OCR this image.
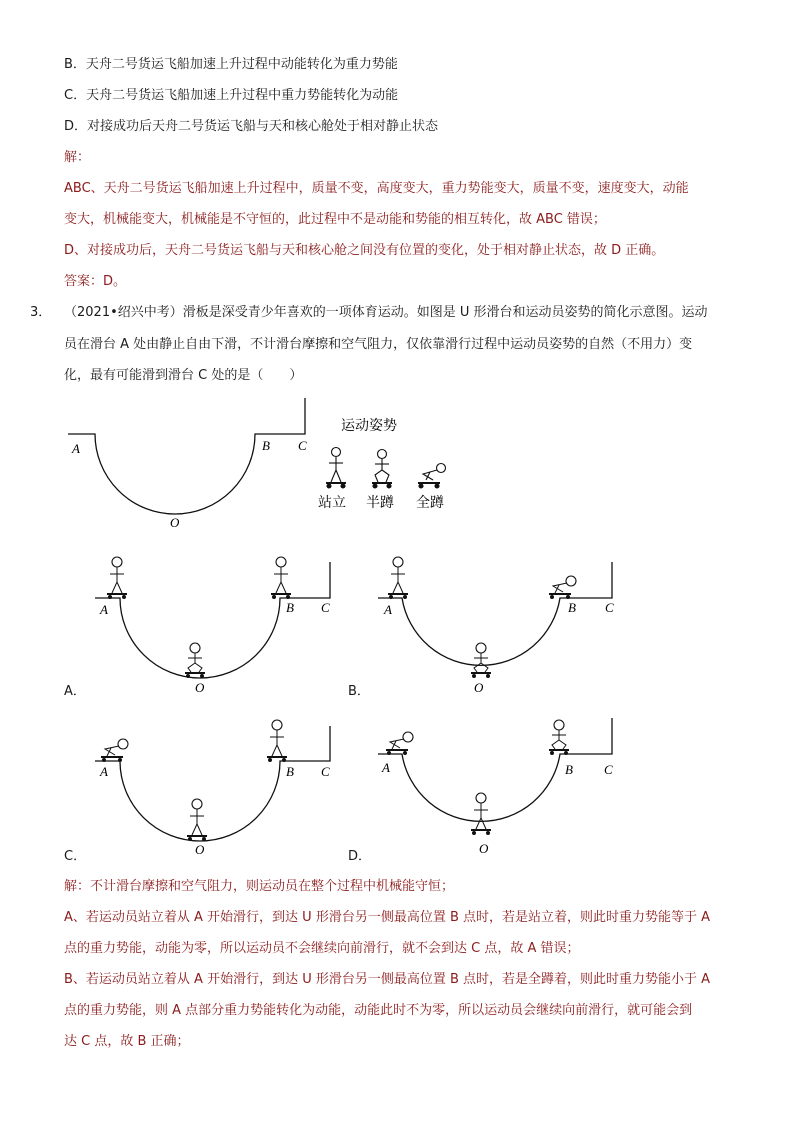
B．天舟二号货运飞船加速上升过程中动能转化为重力势能
C．天舟二号货运飞船加速上升过程中重力势能转化为动能
D．对接成功后天舟二号货运飞船与天和核心舱处于相对静止状态
解：
ABC、天舟二号货运飞船加速上升过程中，质量不变，高度变大，重力势能变大，质量不变，速度变大，动能
变大，机械能变大，机械能是不守恒的，此过程中不是动能和势能的相互转化，故 ABC 错误；
D、对接成功后，天舟二号货运飞船与天和核心舱之间没有位置的变化，处于相对静止状态，故 D 正确。
答案：D。
3． （2021•绍兴中考）滑板是深受青少年喜欢的一项体育运动。如图是 U 形滑台和运动员姿势的简化示意图。运动
员在滑台 A 处由静止自由下滑，不计滑台摩擦和空气阻力，仅依靠滑行过程中运动员姿势的自然（不用力）变
化，最有可能滑到滑台 C 处的是（　　）
A	B C
O
运动姿势
站立 半蹲 全蹲
A	B C
O
A	B C
O
A	B C
O
A	B C
O
A．	B．
C．	D．
解：不计滑台摩擦和空气阻力，则运动员在整个过程中机械能守恒；
A、若运动员站立着从 A 开始滑行，到达 U 形滑台另一侧最高位置 B 点时，若是站立着，则此时重力势能等于 A
点的重力势能，动能为零，所以运动员不会继续向前滑行，就不会到达 C 点，故 A 错误；
B、若运动员站立着从 A 开始滑行，到达 U 形滑台另一侧最高位置 B 点时，若是全蹲着，则此时重力势能小于 A
点的重力势能，则 A 点部分重力势能转化为动能，动能此时不为零，所以运动员会继续向前滑行，就可能会到
达 C 点，故 B 正确；
